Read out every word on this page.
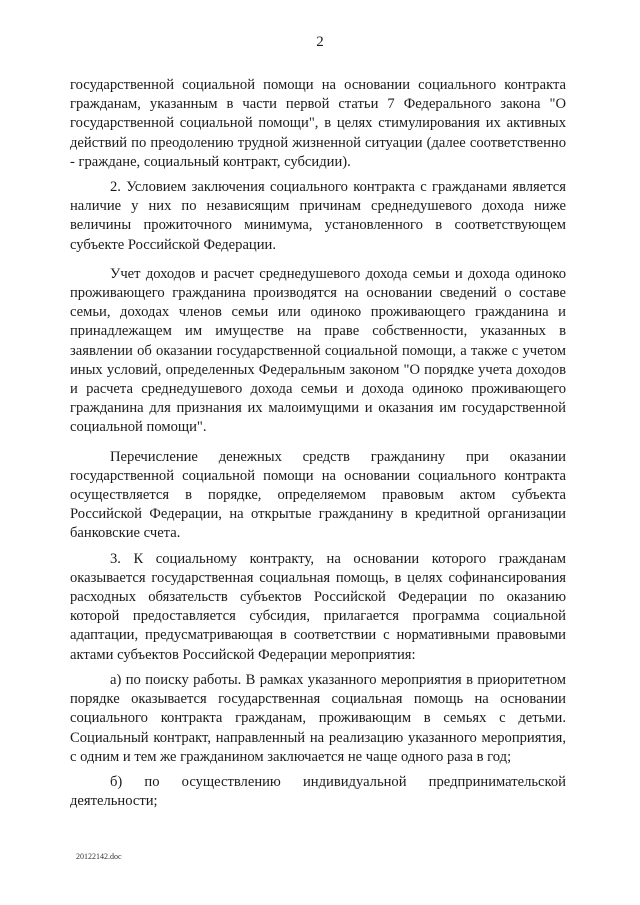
2

государственной социальной помощи на основании социального контракта гражданам, указанным в части первой статьи 7 Федерального закона "О государственной социальной помощи", в целях стимулирования их активных действий по преодолению трудной жизненной ситуации (далее соответственно - граждане, социальный контракт, субсидии).

2. Условием заключения социального контракта с гражданами является наличие у них по независящим причинам среднедушевого дохода ниже величины прожиточного минимума, установленного в соответствующем субъекте Российской Федерации.

Учет доходов и расчет среднедушевого дохода семьи и дохода одиноко проживающего гражданина производятся на основании сведений о составе семьи, доходах членов семьи или одиноко проживающего гражданина и принадлежащем им имуществе на праве собственности, указанных в заявлении об оказании государственной социальной помощи, а также с учетом иных условий, определенных Федеральным законом "О порядке учета доходов и расчета среднедушевого дохода семьи и дохода одиноко проживающего гражданина для признания их малоимущими и оказания им государственной социальной помощи".

Перечисление денежных средств гражданину при оказании государственной социальной помощи на основании социального контракта осуществляется в порядке, определяемом правовым актом субъекта Российской Федерации, на открытые гражданину в кредитной организации банковские счета.

3. К социальному контракту, на основании которого гражданам оказывается государственная социальная помощь, в целях софинансирования расходных обязательств субъектов Российской Федерации по оказанию которой предоставляется субсидия, прилагается программа социальной адаптации, предусматривающая в соответствии с нормативными правовыми актами субъектов Российской Федерации мероприятия:

а) по поиску работы. В рамках указанного мероприятия в приоритетном порядке оказывается государственная социальная помощь на основании социального контракта гражданам, проживающим в семьях с детьми. Социальный контракт, направленный на реализацию указанного мероприятия, с одним и тем же гражданином заключается не чаще одного раза в год;

б) по осуществлению индивидуальной предпринимательской деятельности;

20122142.doc
